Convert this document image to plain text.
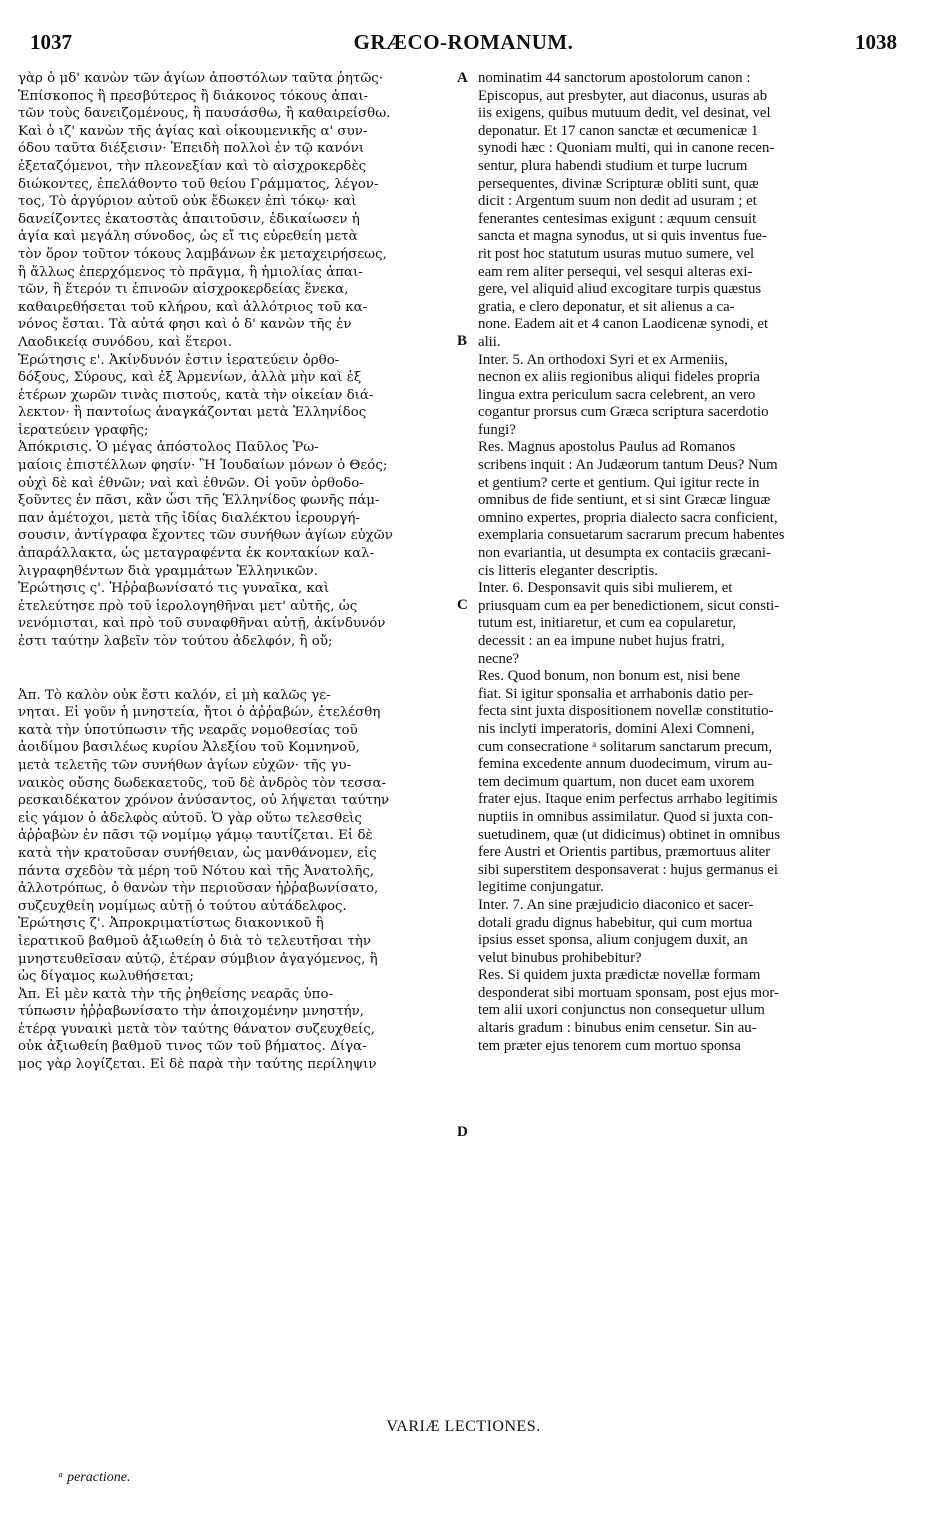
1037	GRÆCO-ROMANUM.	1038
γὰρ ὁ μδ' κανὼν τῶν ἁγίων ἀποστόλων ταῦτα ῥητῶς·
Ἐπίσκοπος ἢ πρεσβύτερος ἢ διάκονος τόκους ἀπαι-
τῶν τοὺς δανειζομένους, ἢ παυσάσθω, ἢ καθαιρείσθω.
Καὶ ὁ ιζ' κανὼν τῆς ἁγίας καὶ οἰκουμενικῆς α' συν-
όδου ταῦτα διέξεισιν· Ἐπειδὴ πολλοὶ ἐν τῷ κανόνι
ἐξεταζόμενοι, τὴν πλεονεξίαν καὶ τὸ αἰσχροκερδὲς
διώκοντες, ἐπελάθοντο τοῦ θείου Γράμματος, λέγον-
τος, Τὸ ἀργύριον αὐτοῦ οὐκ ἔδωκεν ἐπὶ τόκῳ· καὶ
δανείζοντες ἑκατοστὰς ἀπαιτοῦσιν, ἐδικαίωσεν ἡ
ἁγία καὶ μεγάλη σύνοδος, ὡς εἴ τις εὑρεθείη μετὰ
τὸν ὅρον τοῦτον τόκους λαμβάνων ἐκ μεταχειρήσεως,
ἢ ἄλλως ἐπερχόμενος τὸ πρᾶγμα, ἢ ἡμιολίας ἀπαι-
τῶν, ἢ ἕτερόν τι ἐπινοῶν αἰσχροκερδείας ἕνεκα,
καθαιρεθήσεται τοῦ κλήρου, καὶ ἀλλότριος τοῦ κα-
νόνος ἔσται. Τὰ αὐτά φησι καὶ ὁ δ' κανὼν τῆς ἐν
Λαοδικείᾳ συνόδου, καὶ ἕτεροι.
Ἐρώτησις ε'. Ἀκίνδυνόν ἐστιν ἱερατεύειν ὀρθο-
δόξους, Σύρους, καὶ ἐξ Ἀρμενίων, ἀλλὰ μὴν καὶ ἐξ
ἑτέρων χωρῶν τινὰς πιστούς, κατὰ τὴν οἰκείαν διά-
λεκτον· ἢ παντοίως ἀναγκάζονται μετὰ Ἑλληνίδος
ἱερατεύειν γραφῆς;
Ἀπόκρισις. Ὁ μέγας ἀπόστολος Παῦλος Ῥω-
μαίοις ἐπιστέλλων φησίν· Ἢ Ἰουδαίων μόνων ὁ Θεός;
οὐχὶ δὲ καὶ ἐθνῶν; ναὶ καὶ ἐθνῶν. Οἱ γοῦν ὀρθοδο-
ξοῦντες ἐν πᾶσι, κἂν ὦσι τῆς Ἑλληνίδος φωνῆς πάμ-
παν ἀμέτοχοι, μετὰ τῆς ἰδίας διαλέκτου ἱερουργή-
σουσιν, ἀντίγραφα ἔχοντες τῶν συνήθων ἁγίων εὐχῶν
ἀπαράλλακτα, ὡς μεταγραφέντα ἐκ κοντακίων καλ-
λιγραφηθέντων διὰ γραμμάτων Ἑλληνικῶν.
Ἐρώτησις ς'. Ἡῤῥαβωνίσατό τις γυναῖκα, καὶ
ἐτελεύτησε πρὸ τοῦ ἱερολογηθῆναι μετ' αὐτῆς, ὡς
νενόμισται, καὶ πρὸ τοῦ συναφθῆναι αὐτῇ, ἀκίνδυνόν
ἐστι ταύτην λαβεῖν τὸν τούτου ἀδελφόν, ἢ οὔ;
Ἀπ. Τὸ καλὸν οὐκ ἔστι καλόν, εἰ μὴ καλῶς γε-
νηται. Εἰ γοῦν ἡ μνηστεία, ἤτοι ὁ ἀῤῥαβών, ἐτελέσθη
κατὰ τὴν ὑποτύπωσιν τῆς νεαρᾶς νομοθεσίας τοῦ
ἀοιδίμου βασιλέως κυρίου Ἀλεξίου τοῦ Κομνηνοῦ,
μετὰ τελετῆς τῶν συνήθων ἁγίων εὐχῶν· τῆς γυ-
ναικὸς οὔσης δωδεκαετοῦς, τοῦ δὲ ἀνδρὸς τὸν τεσσα-
ρεσκαιδέκατον χρόνον ἀνύσαντος, οὐ λήψεται ταύτην
εἰς γάμον ὁ ἀδελφὸς αὐτοῦ. Ὁ γὰρ οὕτω τελεσθεὶς
ἀῤῥαβὼν ἐν πᾶσι τῷ νομίμῳ γάμῳ ταυτίζεται. Εἰ δὲ
κατὰ τὴν κρατοῦσαν συνήθειαν, ὡς μανθάνομεν, εἰς
πάντα σχεδὸν τὰ μέρη τοῦ Νότου καὶ τῆς Ἀνατολῆς,
ἀλλοτρόπως, ὁ θανὼν τὴν περιοῦσαν ἠῤῥαβωνίσατο,
συζευχθείη νομίμως αὐτῇ ὁ τούτου αὐτάδελφος.
Ἐρώτησις ζ'. Ἀπροκριματίστως διακονικοῦ ἢ
ἱερατικοῦ βαθμοῦ ἀξιωθείη ὁ διὰ τὸ τελευτῆσαι τὴν
μνηστευθεῖσαν αὐτῷ, ἑτέραν σύμβιον ἀγαγόμενος, ἢ
ὡς δίγαμος κωλυθήσεται;
Ἀπ. Εἰ μὲν κατὰ τὴν τῆς ῥηθείσης νεαρᾶς ὑπο-
τύπωσιν ἠῤῥαβωνίσατο τὴν ἀποιχομένην μνηστήν,
ἑτέρᾳ γυναικὶ μετὰ τὸν ταύτης θάνατον συζευχθείς,
οὐκ ἀξιωθείη βαθμοῦ τινος τῶν τοῦ βήματος. Δίγα-
μος γὰρ λογίζεται. Εἰ δὲ παρὰ τὴν ταύτης περίληψιν
nominatim 44 sanctorum apostolorum canon :
Episcopus, aut presbyter, aut diaconus, usuras ab
iis exigens, quibus mutuum dedit, vel desinat, vel
deponatur. Et 17 canon sanctæ et œcumenicæ 1
synodi hæc : Quoniam multi, qui in canone recen-
sentur, plura habendi studium et turpe lucrum
persequentes, divinæ Scripturæ obliti sunt, quæ
dicit : Argentum suum non dedit ad usuram ; et
fenerantes centesimas exigunt : æquum censuit
sancta et magna synodus, ut si quis inventus fue-
rit post hoc statutum usuras mutuo sumere, vel
eam rem aliter persequi, vel sesqui alteras exi-
gere, vel aliquid aliud excogitare turpis quæstus
gratia, e clero deponatur, et sit alienus a ca-
none. Eadem ait et 4 canon Laodicenæ synodi, et
alii.
Inter. 5. An orthodoxi Syri et ex Armeniis,
necnon ex aliis regionibus aliqui fideles propria
lingua extra periculum sacra celebrent, an vero
cogantur prorsus cum Græca scriptura sacerdotio
fungi?
Res. Magnus apostolus Paulus ad Romanos
scribens inquit : An Judæorum tantum Deus? Num
et gentium? certe et gentium. Qui igitur recte in
omnibus de fide sentiunt, et si sint Græcæ linguæ
omnino expertes, propria dialecto sacra conficient,
exemplaria consuetarum sacrarum precum habentes
non evariantia, ut desumpta ex contaciis græcani-
cis litteris eleganter descriptis.
Inter. 6. Desponsavit quis sibi mulierem, et
priusquam cum ea per benedictionem, sicut consti-
tutum est, initiaretur, et cum ea copularetur,
decessit : an ea impune nubet hujus fratri,
necne?
Res. Quod bonum, non bonum est, nisi bene
fiat. Si igitur sponsalia et arrhabonis datio per-
fecta sint juxta dispositionem novellæ constitutio-
nis inclyti imperatoris, domini Alexi Comneni,
cum consecratione ᵃ solitarum sanctarum precum,
femina excedente annum duodecimum, virum au-
tem decimum quartum, non ducet eam uxorem
frater ejus. Itaque enim perfectus arrhabo legitimis
nuptiis in omnibus assimilatur. Quod si juxta con-
suetudinem, quæ (ut didicimus) obtinet in omnibus
fere Austri et Orientis partibus, præmortuus aliter
sibi superstitem desponsaverat : hujus germanus ei
legitime conjungatur.
Inter. 7. An sine præjudicio diaconico et sacer-
dotali gradu dignus habebitur, qui cum mortua
ipsius esset sponsa, alium conjugem duxit, an
velut binubus prohibebitur?
Res. Si quidem juxta prædictæ novellæ formam
desponderat sibi mortuam sponsam, post ejus mor-
tem alii uxori conjunctus non consequetur ullum
altaris gradum : binubus enim censetur. Sin au-
tem præter ejus tenorem cum mortuo sponsa
A
B
C
D
VARIÆ LECTIONES.
ᵃ peractione.
